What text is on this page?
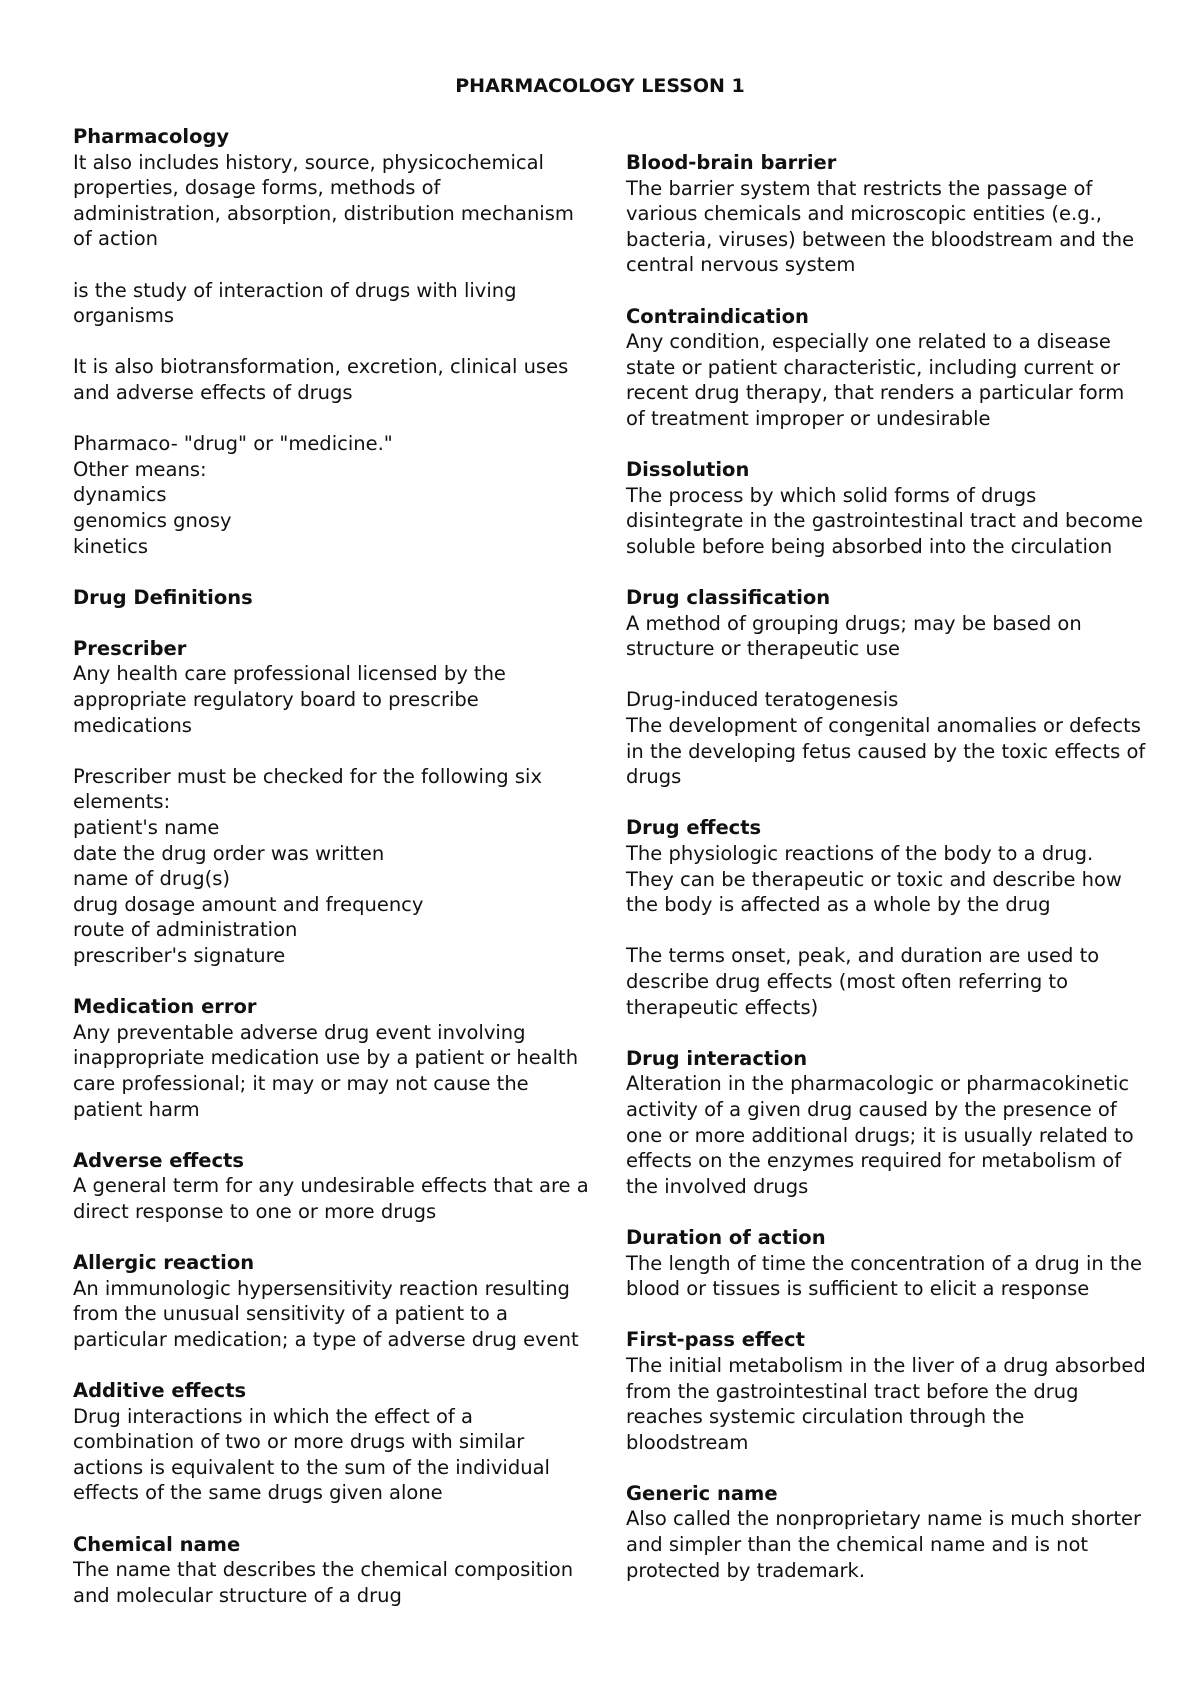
PHARMACOLOGY LESSON 1
Pharmacology

It also includes history, source, physicochemical properties, dosage forms, methods of administration, absorption, distribution mechanism of action

is the study of interaction of drugs with living organisms

It is also biotransformation, excretion, clinical uses and adverse effects of drugs

Pharmaco- "drug" or "medicine."
Other means:
dynamics
genomics gnosy
kinetics
Drug Definitions
Prescriber

Any health care professional licensed by the appropriate regulatory board to prescribe medications

Prescriber must be checked for the following six elements:
patient's name
date the drug order was written
name of drug(s)
drug dosage amount and frequency
route of administration
prescriber's signature
Medication error

Any preventable adverse drug event involving inappropriate medication use by a patient or health care professional; it may or may not cause the patient harm

Adverse effects

A general term for any undesirable effects that are a direct response to one or more drugs

Allergic reaction

An immunologic hypersensitivity reaction resulting from the unusual sensitivity of a patient to a particular medication; a type of adverse drug event

Additive effects

Drug interactions in which the effect of a combination of two or more drugs with similar actions is equivalent to the sum of the individual effects of the same drugs given alone

Chemical name

The name that describes the chemical composition and molecular structure of a drug

Blood-brain barrier

The barrier system that restricts the passage of various chemicals and microscopic entities (e.g., bacteria, viruses) between the bloodstream and the central nervous system

Contraindication

Any condition, especially one related to a disease state or patient characteristic, including current or recent drug therapy, that renders a particular form of treatment improper or undesirable

Dissolution

The process by which solid forms of drugs disintegrate in the gastrointestinal tract and become soluble before being absorbed into the circulation

Drug classification

A method of grouping drugs; may be based on structure or therapeutic use

Drug-induced teratogenesis

The development of congenital anomalies or defects in the developing fetus caused by the toxic effects of drugs

Drug effects

The physiologic reactions of the body to a drug. They can be therapeutic or toxic and describe how the body is affected as a whole by the drug

The terms onset, peak, and duration are used to describe drug effects (most often referring to therapeutic effects)

Drug interaction

Alteration in the pharmacologic or pharmacokinetic activity of a given drug caused by the presence of one or more additional drugs; it is usually related to effects on the enzymes required for metabolism of the involved drugs

Duration of action

The length of time the concentration of a drug in the blood or tissues is sufficient to elicit a response

First-pass effect

The initial metabolism in the liver of a drug absorbed from the gastrointestinal tract before the drug reaches systemic circulation through the bloodstream

Generic name

Also called the nonproprietary name is much shorter and simpler than the chemical name and is not protected by trademark.
